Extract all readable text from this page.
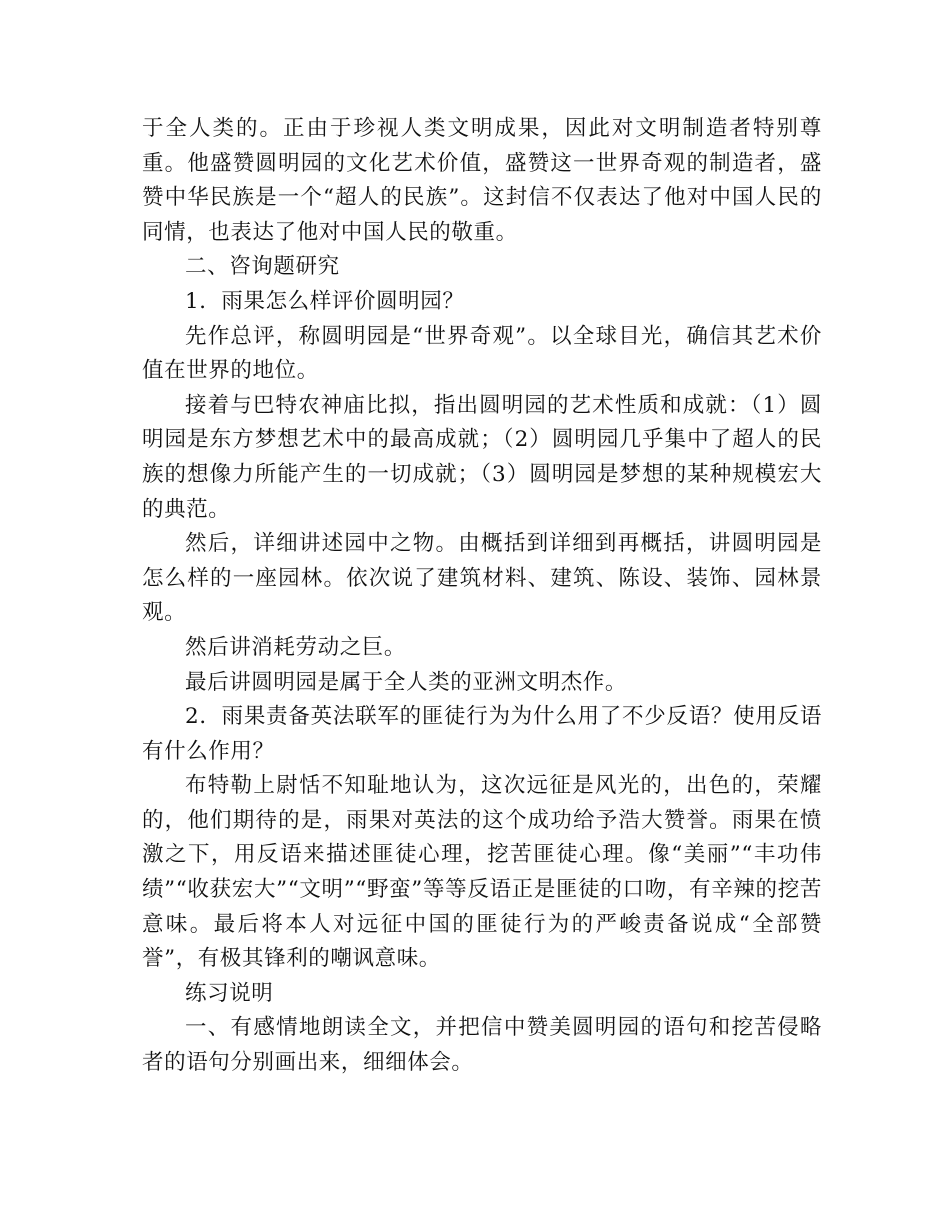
于全人类的。正由于珍视人类文明成果，因此对文明制造者特别尊重。他盛赞圆明园的文化艺术价值，盛赞这一世界奇观的制造者，盛赞中华民族是一个“超人的民族”。这封信不仅表达了他对中国人民的同情，也表达了他对中国人民的敬重。

二、咨询题研究

1．雨果怎么样评价圆明园？

先作总评，称圆明园是“世界奇观”。以全球目光，确信其艺术价值在世界的地位。

接着与巴特农神庙比拟，指出圆明园的艺术性质和成就：（1）圆明园是东方梦想艺术中的最高成就；（2）圆明园几乎集中了超人的民族的想像力所能产生的一切成就；（3）圆明园是梦想的某种规模宏大的典范。

然后，详细讲述园中之物。由概括到详细到再概括，讲圆明园是怎么样的一座园林。依次说了建筑材料、建筑、陈设、装饰、园林景观。

然后讲消耗劳动之巨。

最后讲圆明园是属于全人类的亚洲文明杰作。

2．雨果责备英法联军的匪徒行为为什么用了不少反语？使用反语有什么作用？

布特勒上尉恬不知耻地认为，这次远征是风光的，出色的，荣耀的，他们期待的是，雨果对英法的这个成功给予浩大赞誉。雨果在愤激之下，用反语来描述匪徒心理，挖苦匪徒心理。像“美丽”“丰功伟绩”“收获宏大”“文明”“野蛮”等等反语正是匪徒的口吻，有辛辣的挖苦意味。最后将本人对远征中国的匪徒行为的严峻责备说成“全部赞誉”，有极其锋利的嘲讽意味。

练习说明

一、有感情地朗读全文，并把信中赞美圆明园的语句和挖苦侵略者的语句分别画出来，细细体会。
